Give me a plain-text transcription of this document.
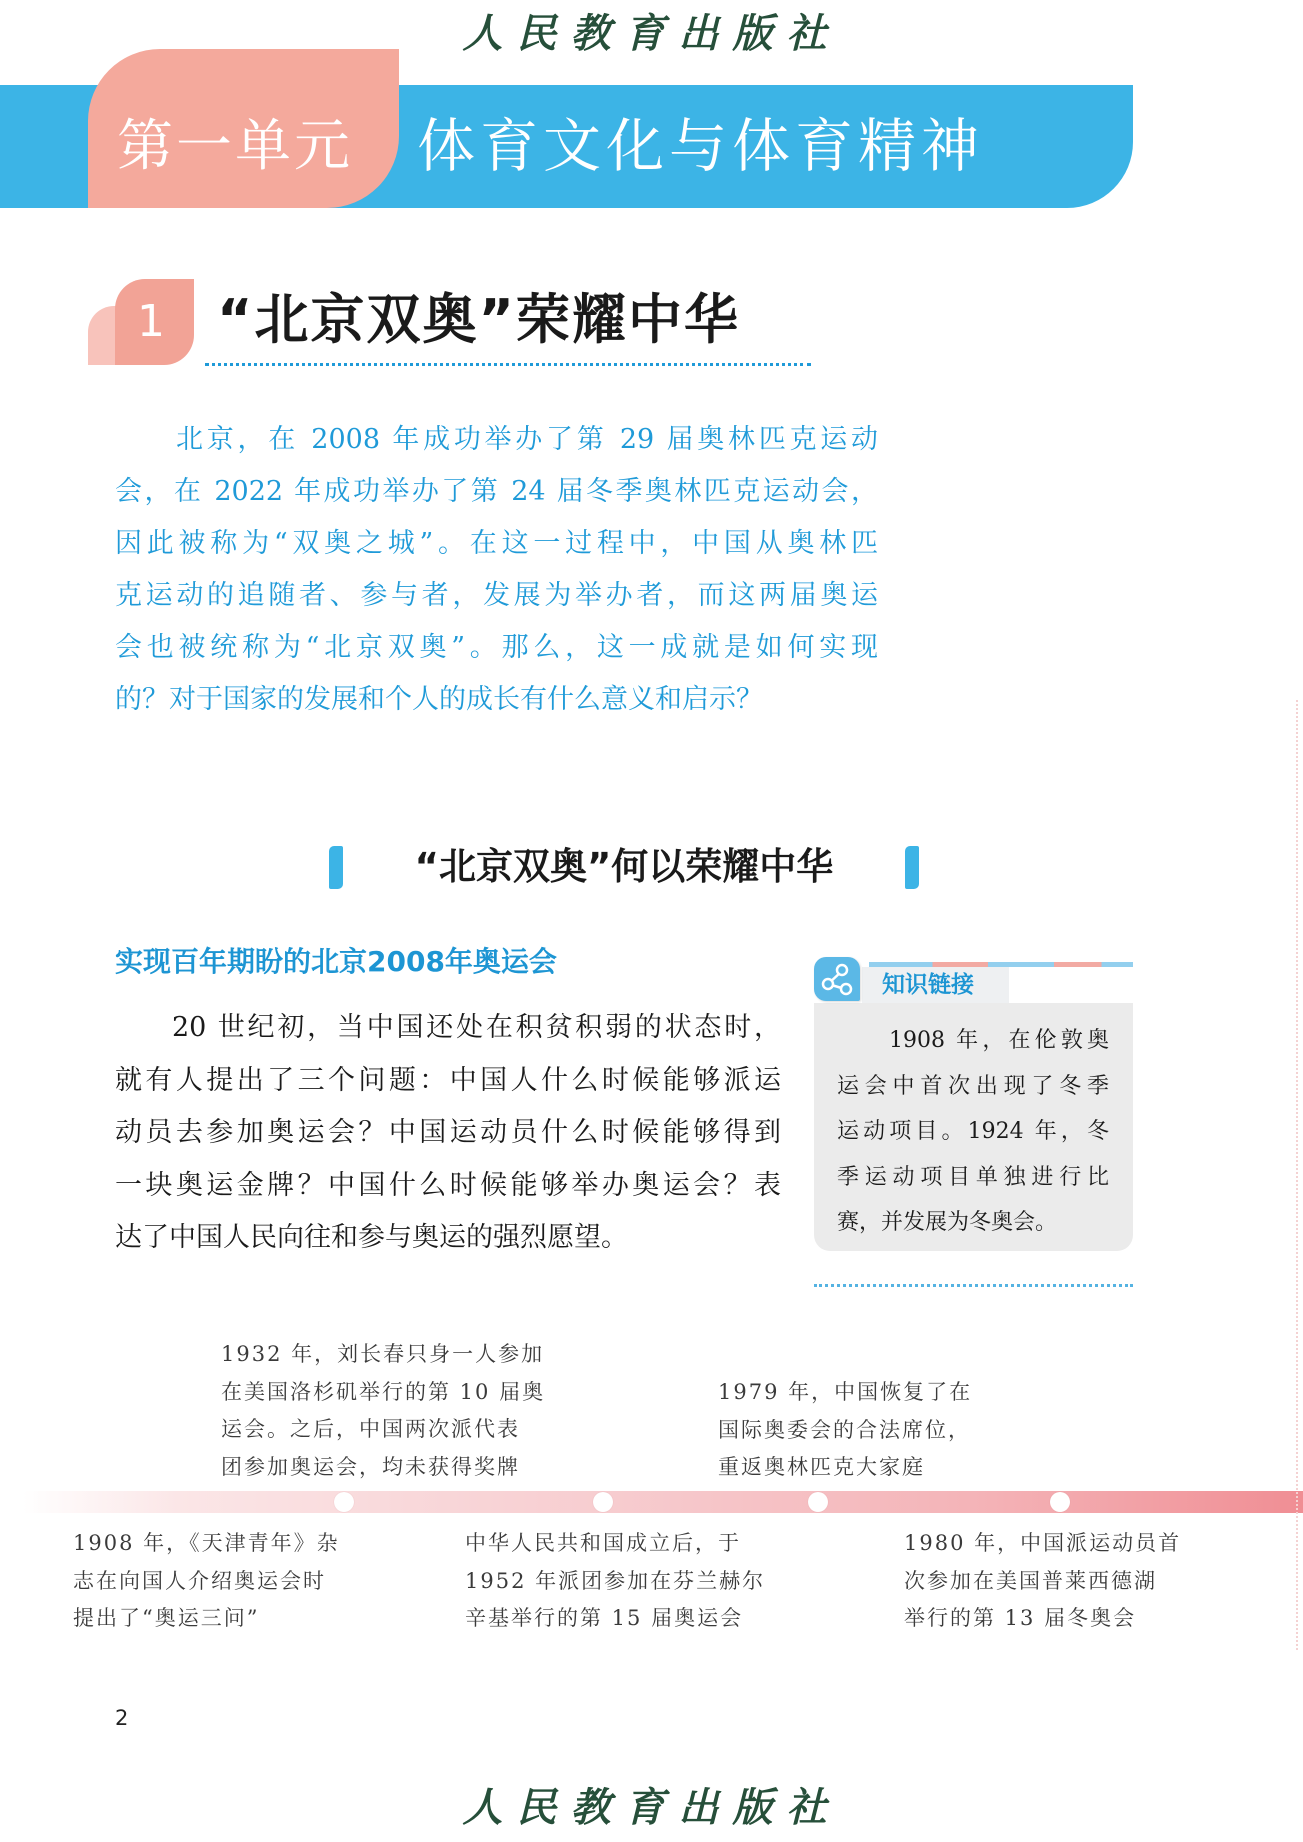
人民教育出版社
第一单元 体育文化与体育精神
1 “北京双奥”荣耀中华
北京，在 2008 年成功举办了第 29 届奥林匹克运动
会，在 2022 年成功举办了第 24 届冬季奥林匹克运动会，
因此被称为“双奥之城”。在这一过程中，中国从奥林匹
克运动的追随者、参与者，发展为举办者，而这两届奥运
会也被统称为“北京双奥”。那么，这一成就是如何实现
的？对于国家的发展和个人的成长有什么意义和启示？
“北京双奥”何以荣耀中华
实现百年期盼的北京2008年奥运会
20 世纪初，当中国还处在积贫积弱的状态时，
就有人提出了三个问题：中国人什么时候能够派运
动员去参加奥运会？中国运动员什么时候能够得到
一块奥运金牌？中国什么时候能够举办奥运会？表
达了中国人民向往和参与奥运的强烈愿望。
知识链接
1908 年，在伦敦奥
运会中首次出现了冬季
运动项目。1924 年，冬
季运动项目单独进行比
赛，并发展为冬奥会。
1932 年，刘长春只身一人参加
在美国洛杉矶举行的第 10 届奥
运会。之后，中国两次派代表
团参加奥运会，均未获得奖牌
1979 年，中国恢复了在
国际奥委会的合法席位，
重返奥林匹克大家庭
1908 年，《天津青年》杂
志在向国人介绍奥运会时
提出了“奥运三问”
中华人民共和国成立后，于
1952 年派团参加在芬兰赫尔
辛基举行的第 15 届奥运会
1980 年，中国派运动员首
次参加在美国普莱西德湖
举行的第 13 届冬奥会
2
人民教育出版社
